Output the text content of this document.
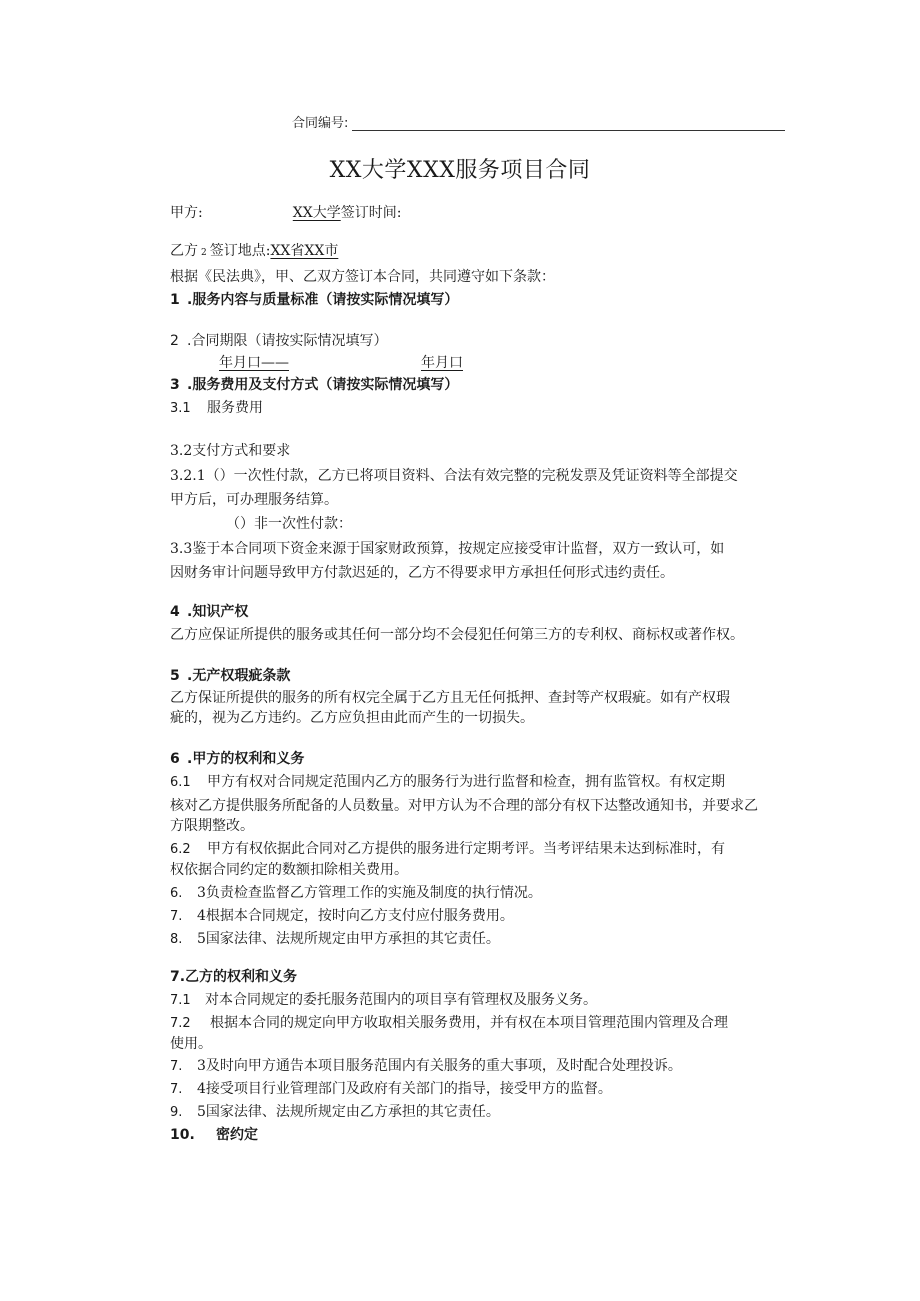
合同编号:
XX大学XXX服务项目合同
甲方:	XX大学签订时间:
乙方 2 签订地点:XX省XX市
根据《民法典》，甲、乙双方签订本合同，共同遵守如下条款：
1 .服务内容与质量标准（请按实际情况填写）
2 .合同期限（请按实际情况填写）
年月口——	年月口
3 .服务费用及支付方式（请按实际情况填写）
3.1 服务费用
3.2支付方式和要求
3.2.1（）一次性付款，乙方已将项目资料、合法有效完整的完税发票及凭证资料等全部提交
甲方后，可办理服务结算。
（）非一次性付款：
3.3鉴于本合同项下资金来源于国家财政预算，按规定应接受审计监督，双方一致认可，如
因财务审计问题导致甲方付款迟延的，乙方不得要求甲方承担任何形式违约责任。
4 .知识产权
乙方应保证所提供的服务或其任何一部分均不会侵犯任何第三方的专利权、商标权或著作权。
5 .无产权瑕疵条款
乙方保证所提供的服务的所有权完全属于乙方且无任何抵押、查封等产权瑕疵。如有产权瑕
疵的，视为乙方违约。乙方应负担由此而产生的一切损失。
6 .甲方的权利和义务
6.1 甲方有权对合同规定范围内乙方的服务行为进行监督和检查，拥有监管权。有权定期
核对乙方提供服务所配备的人员数量。对甲方认为不合理的部分有权下达整改通知书，并要求乙
方限期整改。
6.2 甲方有权依据此合同对乙方提供的服务进行定期考评。当考评结果未达到标准时，有
权依据合同约定的数额扣除相关费用。
6. 3负责检查监督乙方管理工作的实施及制度的执行情况。
7. 4根据本合同规定，按时向乙方支付应付服务费用。
8. 5国家法律、法规所规定由甲方承担的其它责任。
7.乙方的权利和义务
7.1 对本合同规定的委托服务范围内的项目享有管理权及服务义务。
7.2 根据本合同的规定向甲方收取相关服务费用，并有权在本项目管理范围内管理及合理
使用。
7. 3及时向甲方通告本项目服务范围内有关服务的重大事项，及时配合处理投诉。
7. 4接受项目行业管理部门及政府有关部门的指导，接受甲方的监督。
9. 5国家法律、法规所规定由乙方承担的其它责任。
10. 密约定
